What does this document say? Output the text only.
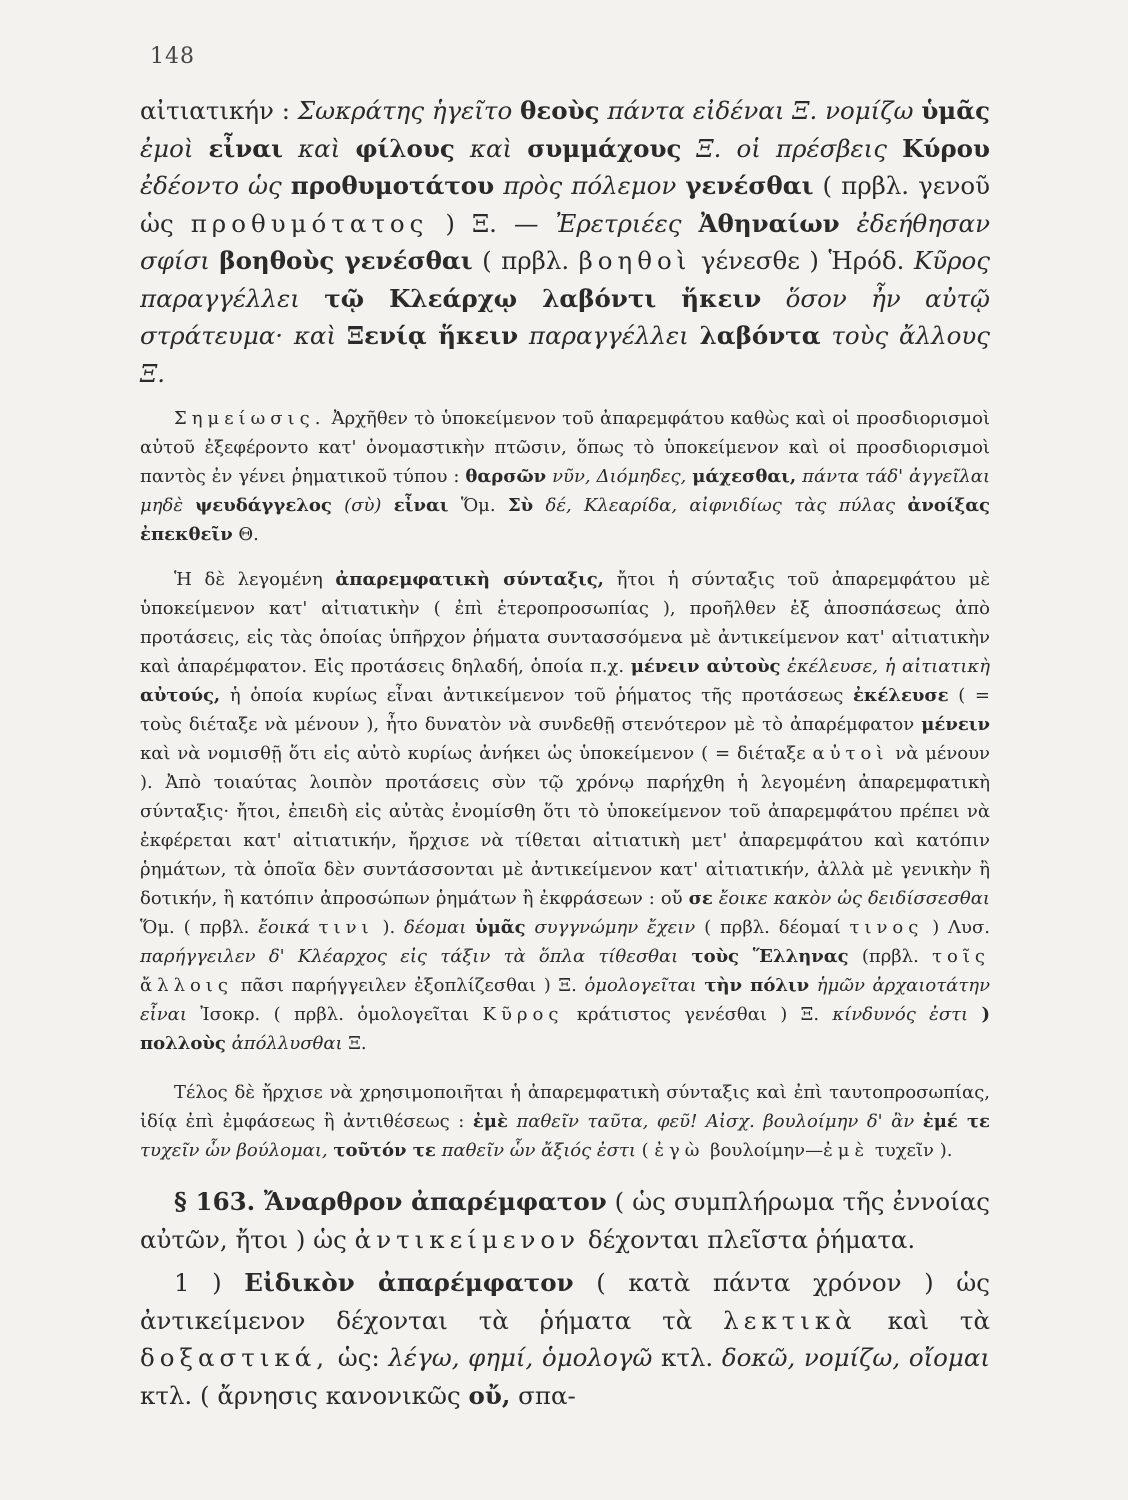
148

αἰτιατικήν : Σωκράτης ἡγεῖτο θεοὺς πάντα εἰδέναι Ξ. νομίζω ὑμᾶς ἐμοὶ εἶναι καὶ φίλους καὶ συμμάχους Ξ. οἱ πρέσβεις Κύρου ἐδέοντο ὡς προθυμοτάτου πρὸς πόλεμον γενέσθαι ( πρβλ. γενοῦ ὡς προθυμότατος ) Ξ. — Ἐρετριέες Ἀθηναίων ἐδεήθησαν σφίσι βοηθοὺς γενέσθαι ( πρβλ. βοηθοὶ γένεσθε ) Ἡρόδ. Κῦρος παραγγέλλει τῷ Κλεάρχῳ λαβόντι ἥκειν ὅσον ἦν αὐτῷ στράτευμα· καὶ Ξενίᾳ ἥκειν παραγγέλλει λαβόντα τοὺς ἄλλους Ξ.

Σημείωσις. Ἀρχῆθεν τὸ ὑποκείμενον τοῦ ἀπαρεμφάτου καθὼς καὶ οἱ προσδιορισμοὶ αὐτοῦ ἐξεφέροντο κατ' ὀνομαστικὴν πτῶσιν, ὅπως τὸ ὑποκείμενον καὶ οἱ προσδιορισμοὶ παντὸς ἐν γένει ῥηματικοῦ τύπου : θαρσῶν νῦν, Διόμηδες, μάχεσθαι, πάντα τάδ' ἀγγεῖλαι μηδὲ ψευδάγγελος (σὺ) εἶναι Ὅμ. Σὺ δέ, Κλεαρίδα, αἰφνιδίως τὰς πύλας ἀνοίξας ἐπεκθεῖν Θ.

Ἡ δὲ λεγομένη ἀπαρεμφατικὴ σύνταξις, ἤτοι ἡ σύνταξις τοῦ ἀπαρεμφάτου μὲ ὑποκείμενον κατ' αἰτιατικὴν ( ἐπὶ ἑτεροπροσωπίας ), προῆλθεν ἐξ ἀποσπάσεως ἀπὸ προτάσεις, εἰς τὰς ὁποίας ὑπῆρχον ῥήματα συντασσόμενα μὲ ἀντικείμενον κατ' αἰτιατικὴν καὶ ἀπαρέμφατον. Εἰς προτάσεις δηλαδή, ὁποία π.χ. μένειν αὐτοὺς ἐκέλευσε, ἡ αἰτιατικὴ αὐτούς, ἡ ὁποία κυρίως εἶναι ἀντικείμενον τοῦ ῥήματος τῆς προτάσεως ἐκέλευσε ( = τοὺς διέταξε νὰ μένουν ), ἦτο δυνατὸν νὰ συνδεθῇ στενότερον μὲ τὸ ἀπαρέμφατον μένειν καὶ νὰ νομισθῇ ὅτι εἰς αὐτὸ κυρίως ἀνήκει ὡς ὑποκείμενον ( = διέταξε αὐτοὶ νὰ μένουν ). Ἀπὸ τοιαύτας λοιπὸν προτάσεις σὺν τῷ χρόνῳ παρήχθη ἡ λεγομένη ἀπαρεμφατικὴ σύνταξις· ἤτοι, ἐπειδὴ εἰς αὐτὰς ἐνομίσθη ὅτι τὸ ὑποκείμενον τοῦ ἀπαρεμφάτου πρέπει νὰ ἐκφέρεται κατ' αἰτιατικήν, ἤρχισε νὰ τίθεται αἰτιατικὴ μετ' ἀπαρεμφάτου καὶ κατόπιν ῥημάτων, τὰ ὁποῖα δὲν συντάσσονται μὲ ἀντικείμενον κατ' αἰτιατικήν, ἀλλὰ μὲ γενικὴν ἢ δοτικήν, ἢ κατόπιν ἀπροσώπων ῥημάτων ἢ ἐκφράσεων : οὔ σε ἔοικε κακὸν ὡς δειδίσσεσθαι Ὅμ. ( πρβλ. ἔοικά τινι ). δέομαι ὑμᾶς συγγνώμην ἔχειν ( πρβλ. δέομαί τινος ) Λυσ. παρήγγειλεν δ' Κλέαρχος εἰς τάξιν τὰ ὅπλα τίθεσθαι τοὺς Ἕλληνας (πρβλ. τοῖς ἄλλοις πᾶσι παρήγγειλεν ἐξοπλίζεσθαι ) Ξ. ὁμολογεῖται τὴν πόλιν ἡμῶν ἀρχαιοτάτην εἶναι Ἰσοκρ. ( πρβλ. ὁμολογεῖται Κῦρος κράτιστος γενέσθαι ) Ξ. κίνδυνός ἐστι ) πολλοὺς ἀπόλλυσθαι Ξ.

Τέλος δὲ ἤρχισε νὰ χρησιμοποιῆται ἡ ἀπαρεμφατικὴ σύνταξις καὶ ἐπὶ ταυτοπροσωπίας, ἰδίᾳ ἐπὶ ἐμφάσεως ἢ ἀντιθέσεως : ἐμὲ παθεῖν ταῦτα, φεῦ! Αἰσχ. βουλοίμην δ' ἂν ἐμέ τε τυχεῖν ὧν βούλομαι, τοῦτόν τε παθεῖν ὧν ἄξιός ἐστι ( ἐγὼ βουλοίμην—ἐμὲ τυχεῖν ).

§ 163. Ἄναρθρον ἀπαρέμφατον ( ὡς συμπλήρωμα τῆς ἐννοίας αὐτῶν, ἤτοι ) ὡς ἀντικείμενον δέχονται πλεῖστα ῥήματα.

1 ) Εἰδικὸν ἀπαρέμφατον ( κατὰ πάντα χρόνον ) ὡς ἀντικείμενον δέχονται τὰ ῥήματα τὰ λεκτικὰ καὶ τὰ δοξαστικά, ὡς: λέγω, φημί, ὁμολογῶ κτλ. δοκῶ, νομίζω, οἴομαι κτλ. ( ἄρνησις κανονικῶς οὔ, σπα-
